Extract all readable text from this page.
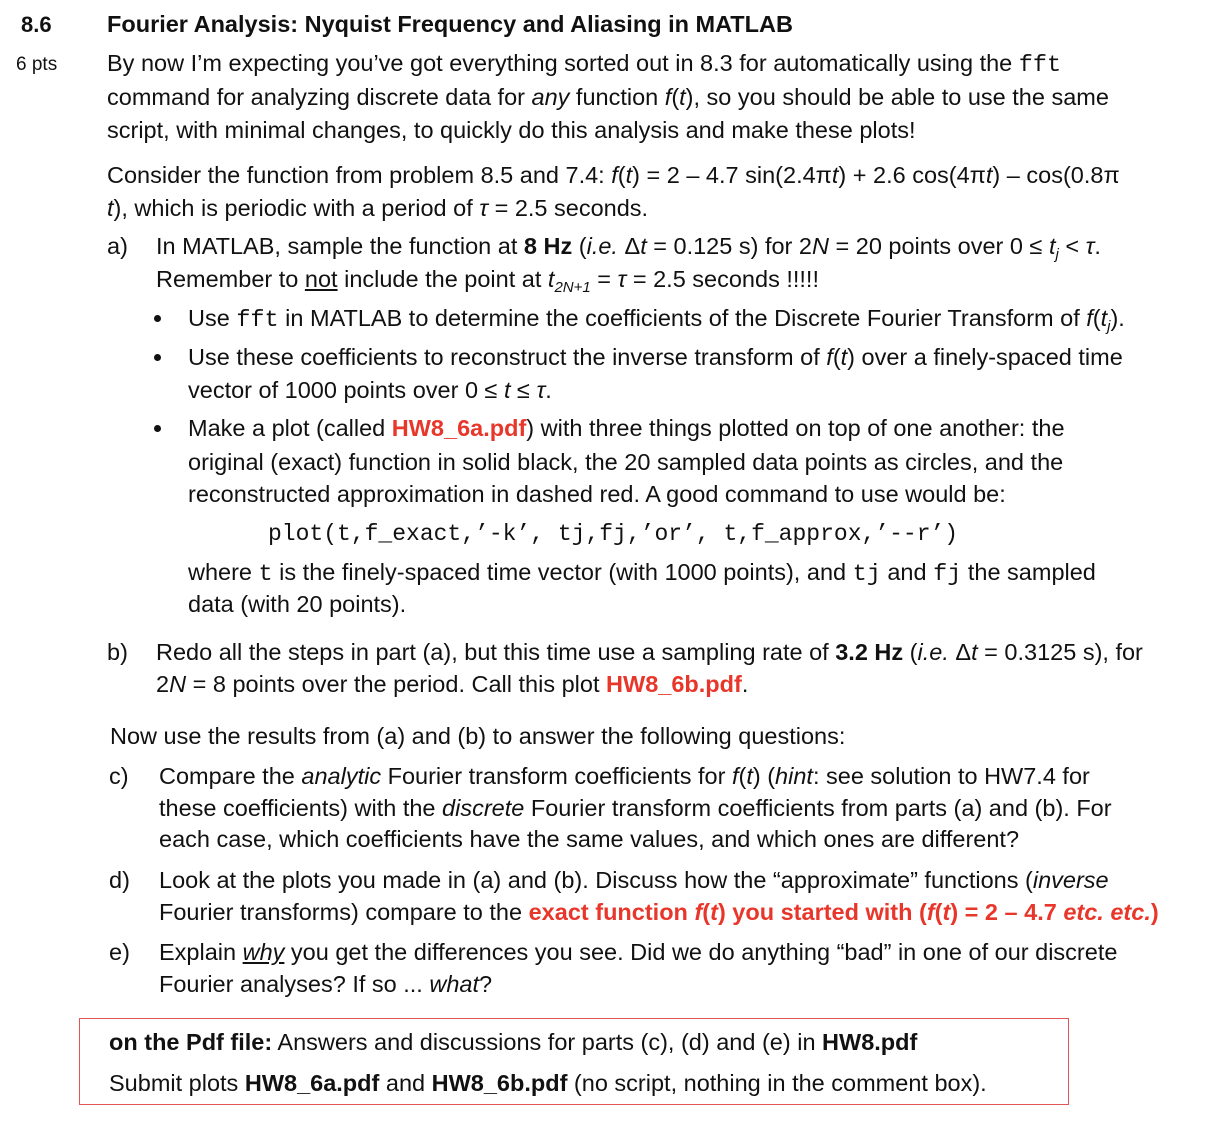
8.6
6 pts
Fourier Analysis: Nyquist Frequency and Aliasing in MATLAB
By now I’m expecting you’ve got everything sorted out in 8.3 for automatically using the fft
command for analyzing discrete data for any function f(t), so you should be able to use the same
script, with minimal changes, to quickly do this analysis and make these plots!
Consider the function from problem 8.5 and 7.4: f(t) = 2 – 4.7 sin(2.4πt) + 2.6 cos(4πt) – cos(0.8π
t), which is periodic with a period of τ = 2.5 seconds.
a) In MATLAB, sample the function at 8 Hz (i.e. Δt = 0.125 s) for 2N = 20 points over $0 \le t_j < \tau$.
Remember to not include the point at $t_{2N+1} = \tau = 2.5$ seconds !!!!!
Use fft in MATLAB to determine the coefficients of the Discrete Fourier Transform of $f(t_j)$.
Use these coefficients to reconstruct the inverse transform of f(t) over a finely-spaced time
vector of 1000 points over 0 ≤ t ≤ τ.
Make a plot (called HW8_6a.pdf) with three things plotted on top of one another: the
original (exact) function in solid black, the 20 sampled data points as circles, and the
reconstructed approximation in dashed red. A good command to use would be:
plot(t,f_exact,’-k’, tj,fj,’or’, t,f_approx,’--r’)
where t is the finely-spaced time vector (with 1000 points), and tj and fj the sampled
data (with 20 points).
b) Redo all the steps in part (a), but this time use a sampling rate of 3.2 Hz (i.e. Δt = 0.3125 s), for
2N = 8 points over the period. Call this plot HW8_6b.pdf.
Now use the results from (a) and (b) to answer the following questions:
c) Compare the analytic Fourier transform coefficients for f(t) (hint: see solution to HW7.4 for
these coefficients) with the discrete Fourier transform coefficients from parts (a) and (b). For
each case, which coefficients have the same values, and which ones are different?
d) Look at the plots you made in (a) and (b). Discuss how the “approximate” functions (inverse
Fourier transforms) compare to the exact function f(t) you started with (f(t) = 2 – 4.7 etc. etc.)
e) Explain why you get the differences you see. Did we do anything “bad” in one of our discrete
Fourier analyses? If so ... what?
on the Pdf file: Answers and discussions for parts (c), (d) and (e) in HW8.pdf
Submit plots HW8_6a.pdf and HW8_6b.pdf (no script, nothing in the comment box).
